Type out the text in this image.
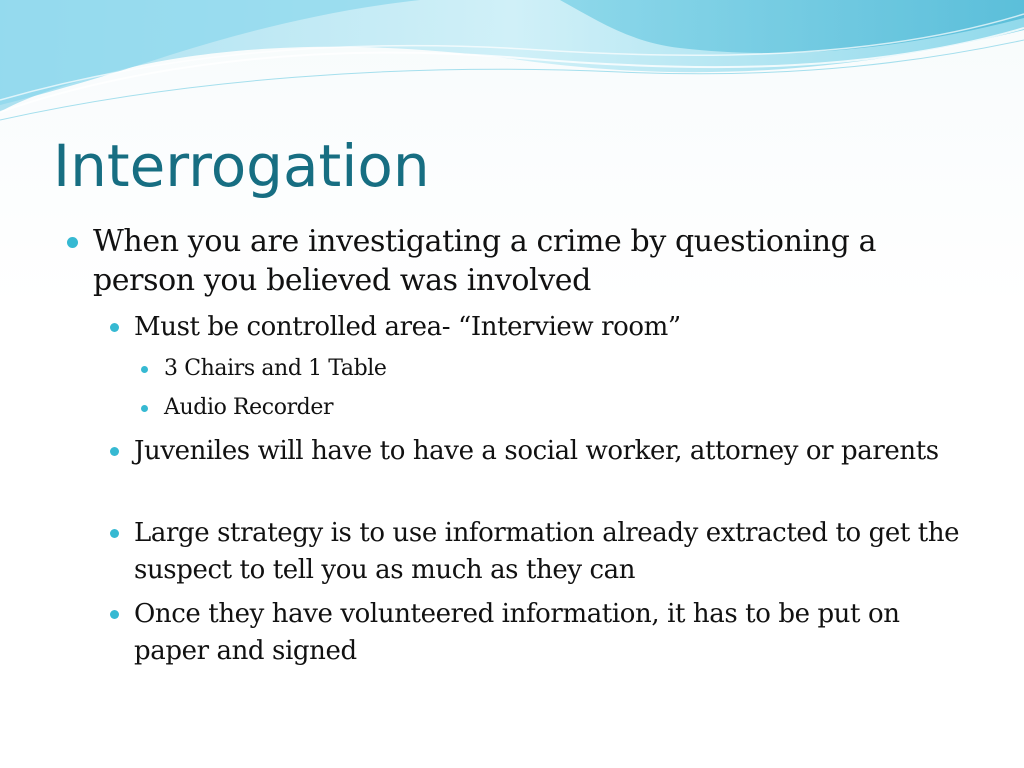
Interrogation
When you are investigating a crime by questioning a person you believed was involved
Must be controlled area- “Interview room”
3 Chairs and 1 Table
Audio Recorder
Juveniles will have to have a social worker, attorney or parents
Large strategy is to use information already extracted to get the suspect to tell you as much as they can
Once they have volunteered information, it has to be put on paper and signed
